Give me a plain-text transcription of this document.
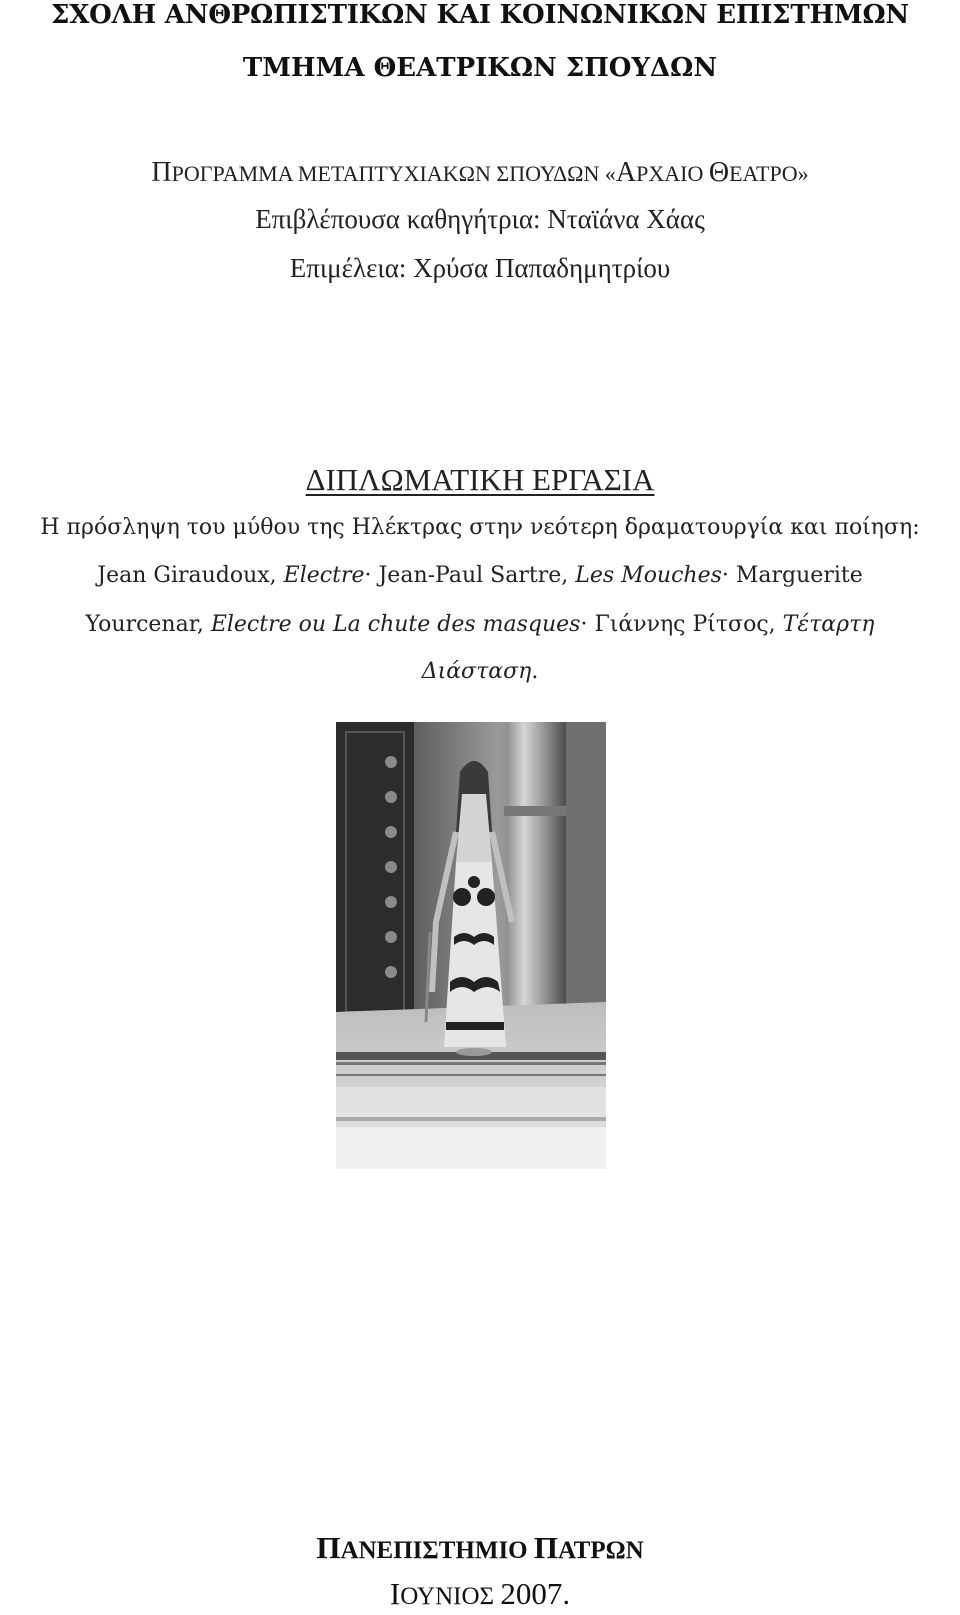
ΣΧΟΛΗ ΑΝΘΡΩΠΙΣΤΙΚΩΝ ΚΑΙ ΚΟΙΝΩΝΙΚΩΝ ΕΠΙΣΤΗΜΩΝ
ΤΜΗΜΑ ΘΕΑΤΡΙΚΩΝ ΣΠΟΥΔΩΝ
ΠΡΟΓΡΑΜΜΑ ΜΕΤΑΠΤΥΧΙΑΚΩΝ ΣΠΟΥΔΩΝ «ΑΡΧΑΙΟ ΘΕΑΤΡΟ»
Επιβλέπουσα καθηγήτρια: Νταϊάνα Χάας
Επιμέλεια: Χρύσα Παπαδημητρίου
ΔΙΠΛΩΜΑΤΙΚΗ ΕΡΓΑΣΙΑ
Η πρόσληψη του μύθου της Ηλέκτρας στην νεότερη δραματουργία και ποίηση:
Jean Giraudoux, Electre· Jean-Paul Sartre, Les Mouches· Marguerite
Yourcenar, Electre ou La chute des masques· Γιάννης Ρίτσος, Τέταρτη
Διάσταση.
ΠΑΝΕΠΙΣΤΗΜΙΟ ΠΑΤΡΩΝ
ΙΟΥΝΙΟΣ 2007.
